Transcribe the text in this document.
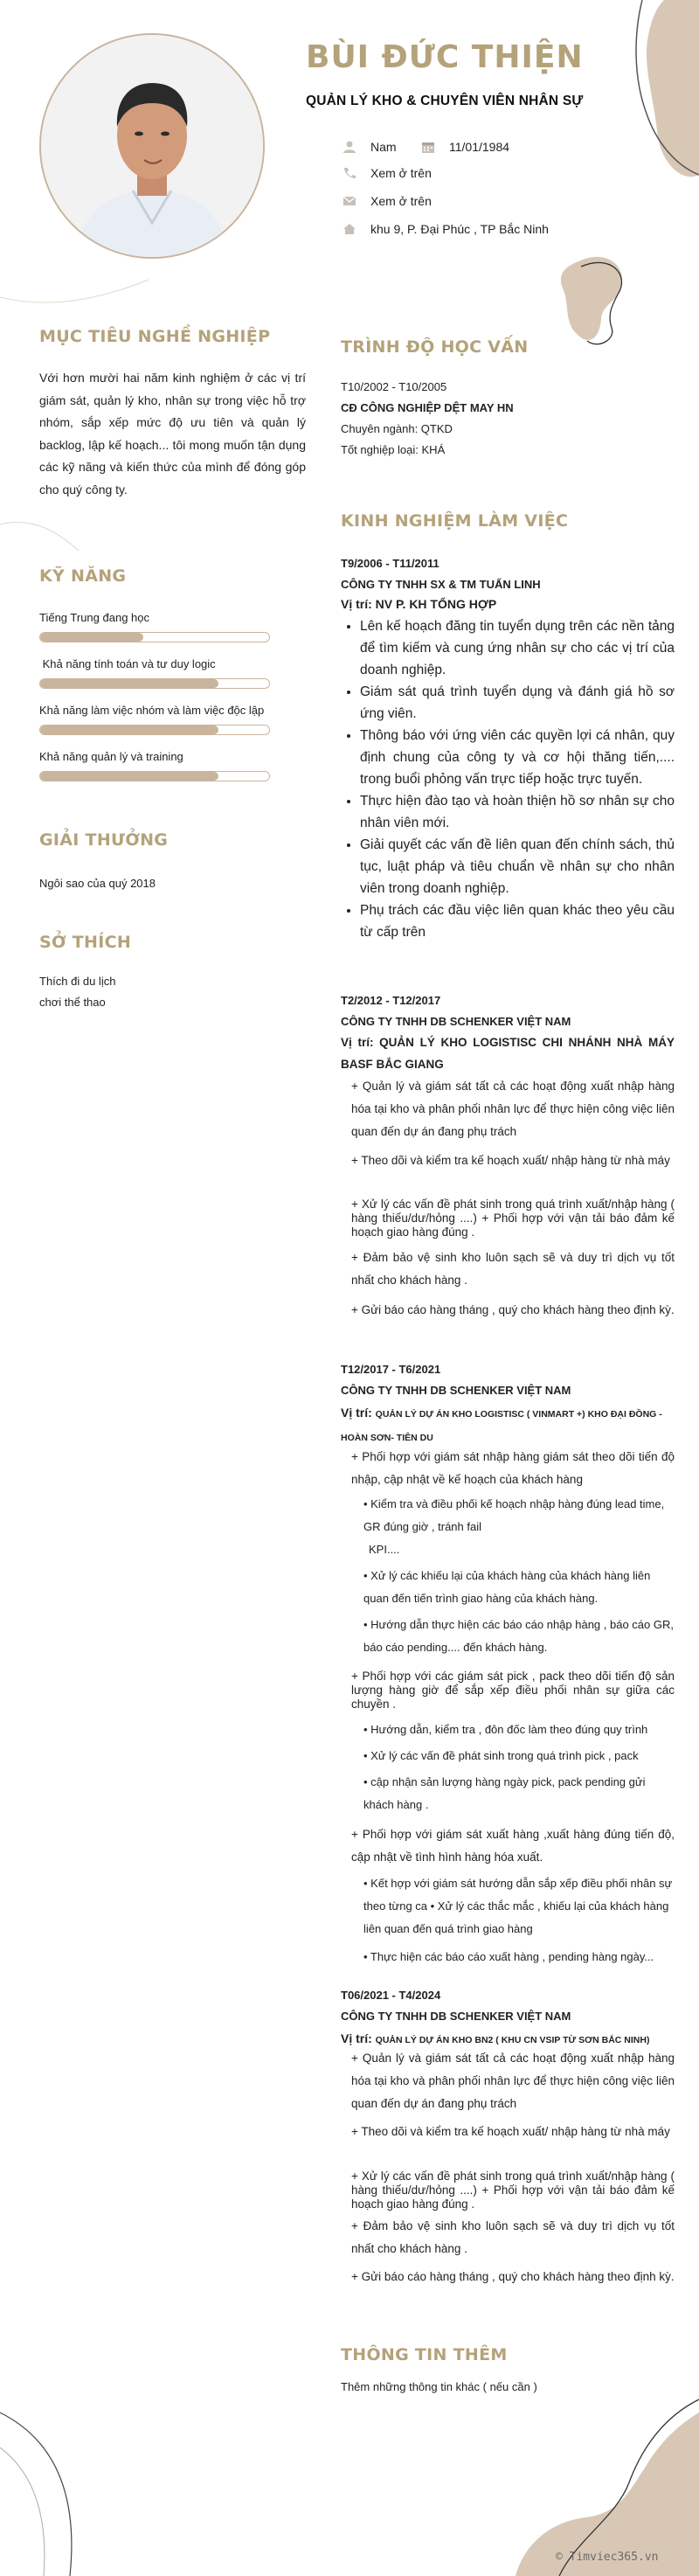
BÙI ĐỨC THIỆN
QUẢN LÝ KHO & CHUYÊN VIÊN NHÂN SỰ
Nam	11/01/1984
Xem ở trên
Xem ở trên
khu 9, P. Đại Phúc , TP Bắc Ninh
MỤC TIÊU NGHỀ NGHIỆP
Với hơn mười hai năm kinh nghiệm ở các vị trí giám sát, quản lý kho, nhân sự trong việc hỗ trợ nhóm, sắp xếp mức độ ưu tiên và quản lý backlog, lập kế hoạch... tôi mong muốn tận dụng các kỹ năng và kiến thức của mình để đóng góp cho quý công ty.
KỸ NĂNG
Tiếng Trung đang học
Khả năng tính toán và tư duy logic
Khả năng làm việc nhóm và làm việc độc lập
Khả năng quản lý và training
GIẢI THƯỞNG
Ngôi sao của quý 2018
SỞ THÍCH
Thích đi du lịch
chơi thể thao
TRÌNH ĐỘ HỌC VẤN
T10/2002 - T10/2005
CĐ CÔNG NGHIỆP DỆT MAY HN
Chuyên ngành: QTKD
Tốt nghiệp loại: KHÁ
KINH NGHIỆM LÀM VIỆC
T9/2006 - T11/2011
CÔNG TY TNHH SX & TM TUẤN LINH
Vị trí: NV P. KH TỔNG HỢP
• Lên kế hoạch đăng tin tuyển dụng trên các nền tảng để tìm kiếm và cung ứng nhân sự cho các vị trí của doanh nghiệp.
• Giám sát quá trình tuyển dụng và đánh giá hồ sơ ứng viên.
• Thông báo với ứng viên các quyền lợi cá nhân, quy định chung của công ty và cơ hội thăng tiến,.... trong buổi phỏng vấn trực tiếp hoặc trực tuyến.
• Thực hiện đào tạo và hoàn thiện hồ sơ nhân sự cho nhân viên mới.
• Giải quyết các vấn đề liên quan đến chính sách, thủ tục, luật pháp và tiêu chuẩn về nhân sự cho nhân viên trong doanh nghiệp.
• Phụ trách các đầu việc liên quan khác theo yêu cầu từ cấp trên
T2/2012 - T12/2017
CÔNG TY TNHH DB SCHENKER VIỆT NAM
Vị trí: QUẢN LÝ KHO LOGISTISC CHI NHÁNH NHÀ MÁY BASF BẮC GIANG
+ Quản lý và giám sát tất cả các hoạt động xuất nhập hàng hóa tại kho và phân phối nhân lực để thực hiện công việc liên quan đến dự án đang phụ trách
+ Theo dõi và kiểm tra kế hoạch xuất/ nhập hàng từ nhà máy
+ Xử lý các vấn đề phát sinh trong quá trình xuất/nhập hàng ( hàng thiếu/dư/hỏng ....) + Phối hợp với vận tải báo đảm kế hoạch giao hàng đúng .
+ Đảm bảo vệ sinh kho luôn sạch sẽ và duy trì dịch vụ tốt nhất cho khách hàng .
+ Gửi báo cáo hàng tháng , quý cho khách hàng theo định kỳ.
T12/2017 - T6/2021
CÔNG TY TNHH DB SCHENKER VIỆT NAM
Vị trí: QUẢN LÝ DỰ ÁN KHO LOGISTISC ( VINMART +) KHO ĐẠI ĐỒNG - HOÀN SƠN- TIÊN DU
+ Phối hợp với giám sát nhập hàng giám sát theo dõi tiến độ nhập, cập nhật về kế hoạch của khách hàng
• Kiểm tra và điều phối kế hoạch nhập hàng đúng lead time, GR đúng giờ , tránh fail
KPI....
• Xử lý các khiếu lại của khách hàng của khách hàng liên quan đến tiến trình giao hàng của khách hàng.
• Hướng dẫn thực hiện các báo cáo nhập hàng , báo cáo GR, báo cáo pending.... đến khách hàng.
+ Phối hợp với các giám sát pick , pack theo dõi tiến độ sản lượng hàng giờ để sắp xếp điều phối nhân sự giữa các chuyền .
• Hướng dẫn, kiểm tra , đôn đốc làm theo đúng quy trình
• Xử lý các vấn đề phát sinh trong quá trình pick , pack
• cập nhận sản lượng hàng ngày pick, pack pending gửi khách hàng .
+ Phối hợp với giám sát xuất hàng ,xuất hàng đúng tiến độ, cập nhật về tình hình hàng hóa xuất.
• Kết hợp với giám sát hướng dẫn sắp xếp điều phối nhân sự theo từng ca • Xử lý các thắc mắc , khiếu lại của khách hàng liên quan đến quá trình giao hàng
• Thực hiện các báo cáo xuất hàng , pending hàng ngày...
T06/2021 - T4/2024
CÔNG TY TNHH DB SCHENKER VIỆT NAM
Vị trí: QUẢN LÝ DỰ ÁN KHO BN2 ( KHU CN VSIP TỪ SƠN BẮC NINH)
+ Quản lý và giám sát tất cả các hoạt động xuất nhập hàng hóa tại kho và phân phối nhân lực để thực hiện công việc liên quan đến dự án đang phụ trách
+ Theo dõi và kiểm tra kế hoạch xuất/ nhập hàng từ nhà máy
+ Xử lý các vấn đề phát sinh trong quá trình xuất/nhập hàng ( hàng thiếu/dư/hỏng ....) + Phối hợp với vận tải báo đảm kế hoạch giao hàng đúng .
+ Đảm bảo vệ sinh kho luôn sạch sẽ và duy trì dịch vụ tốt nhất cho khách hàng .
+ Gửi báo cáo hàng tháng , quý cho khách hàng theo định kỳ.
THÔNG TIN THÊM
Thêm những thông tin khác ( nếu cần )
© Timviec365.vn
